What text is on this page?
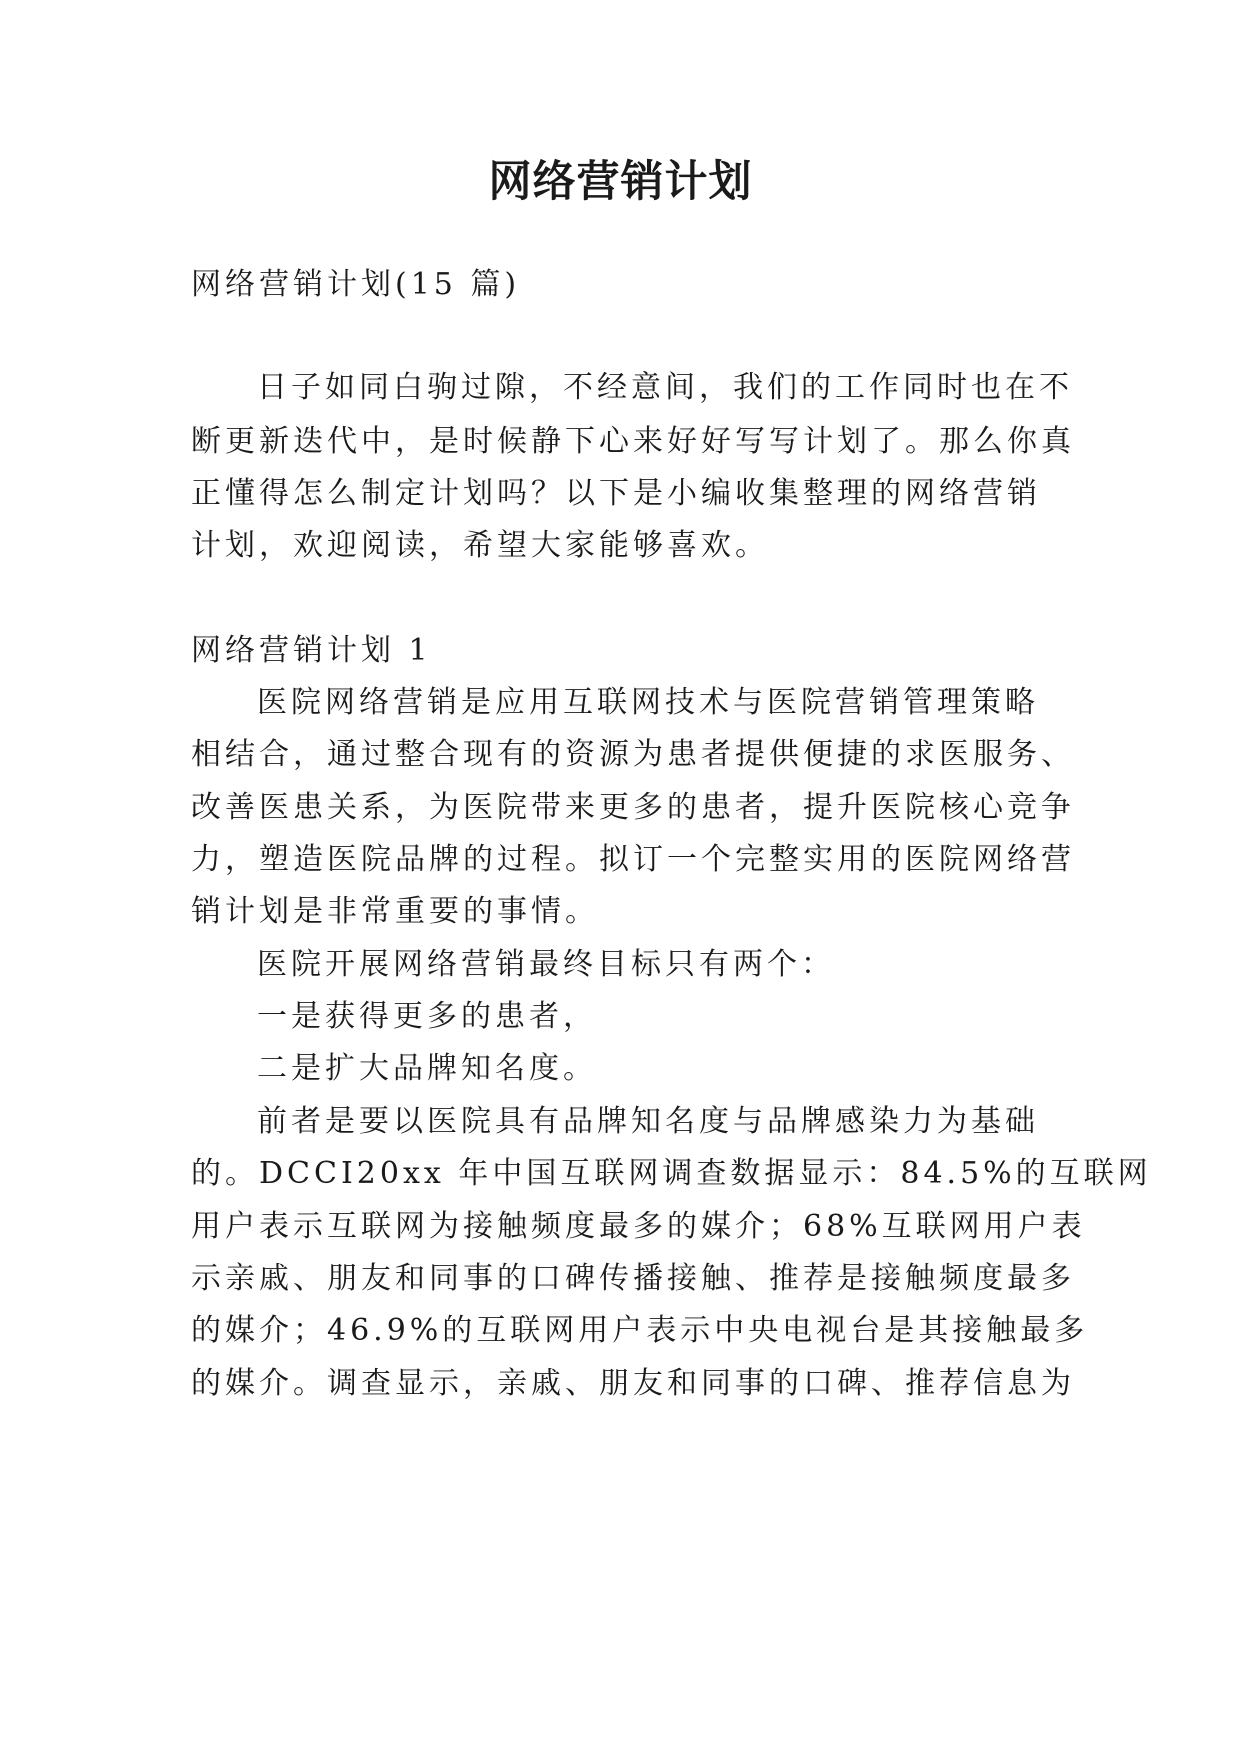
网络营销计划
网络营销计划(15 篇)
日子如同白驹过隙，不经意间，我们的工作同时也在不
断更新迭代中，是时候静下心来好好写写计划了。那么你真
正懂得怎么制定计划吗？以下是小编收集整理的网络营销
计划，欢迎阅读，希望大家能够喜欢。
网络营销计划 1
医院网络营销是应用互联网技术与医院营销管理策略
相结合，通过整合现有的资源为患者提供便捷的求医服务、
改善医患关系，为医院带来更多的患者，提升医院核心竞争
力，塑造医院品牌的过程。拟订一个完整实用的医院网络营
销计划是非常重要的事情。
医院开展网络营销最终目标只有两个：
一是获得更多的患者，
二是扩大品牌知名度。
前者是要以医院具有品牌知名度与品牌感染力为基础
的。DCCI20xx 年中国互联网调查数据显示：84.5%的互联网
用户表示互联网为接触频度最多的媒介；68%互联网用户表
示亲戚、朋友和同事的口碑传播接触、推荐是接触频度最多
的媒介；46.9%的互联网用户表示中央电视台是其接触最多
的媒介。调查显示，亲戚、朋友和同事的口碑、推荐信息为
